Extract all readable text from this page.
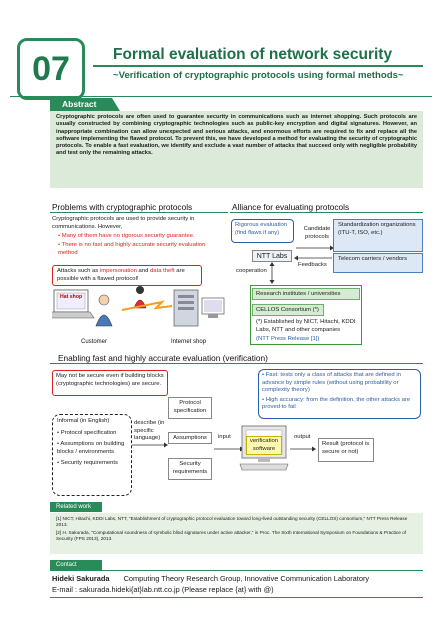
07	Formal evaluation of network security
~Verification of cryptographic protocols using formal methods~
Abstract
Cryptographic protocols are often used to guarantee security in communications such as internet shopping. Such protocols are usually constructed by combining cryptographic technologies such as public-key encryption and digital signatures. However, an inappropriate combination can allow unexpected and serious attacks, and enormous efforts are required to fix and replace all the software implementing the flawed protocol. To prevent this, we have developed a method for evaluating the security of cryptographic protocols. To enable a fast evaluation, we identify and exclude a vast number of attacks that succeed only with negligible probability and test only the remaining attacks.
Problems with cryptographic protocols
Cryptographic protocols are used to provide security in communications. However,
• Many of them have no rigorous security guarantee.
• There is no fast and highly accurate security evaluation method
Attacks such as impersonation and data theft are possible with a flawed protocol!
Hat shop
Customer	Internet shop
Alliance for evaluating protocols
Rigorous evaluation (find flaws if any)
NTT Labs
Candidate protocols
Feedbacks
Standardization organizations (ITU-T, ISO, etc.)
Telecom carriers / vendors
cooperation
Research institutes / universities
CELLOS Consortium (*)
(*) Established by NICT, Hitachi, KDDI Labs, NTT and other companies
(NTT Press Release [1])
Enabling fast and highly accurate evaluation (verification)
May not be secure even if building blocks (cryptographic technologies) are secure.
• Fast: tests only a class of attacks that are defined in advance by simple rules (without using probability or complexity theory)
• High accuracy: from the definition, the other attacks are proved to fail
Informal (in English)
• Protocol specification
• Assumptions on building blocks / environments
• Security requirements
describe (in specific language)
Protocol specification
Assumptions
Security requirements
input
verification software
output
Result (protocol is secure or not)
Related work
[1] NICT, Hitachi, KDDI Labs, NTT, "Establishment of cryptographic protocol evaluation toward long-lived outstanding security (CELLOS) consortium," NTT Press Release 2013.
[2] H. Sakurada, "Computational soundness of symbolic blind signatures under active attacker," in Proc. The Sixth International Symposium on Foundations & Practice of Security (FPS 2013), 2013.
Contact
Hideki Sakurada Computing Theory Research Group, Innovative Communication Laboratory
E-mail : sakurada.hideki{at}lab.ntt.co.jp (Please replace {at} with @)
